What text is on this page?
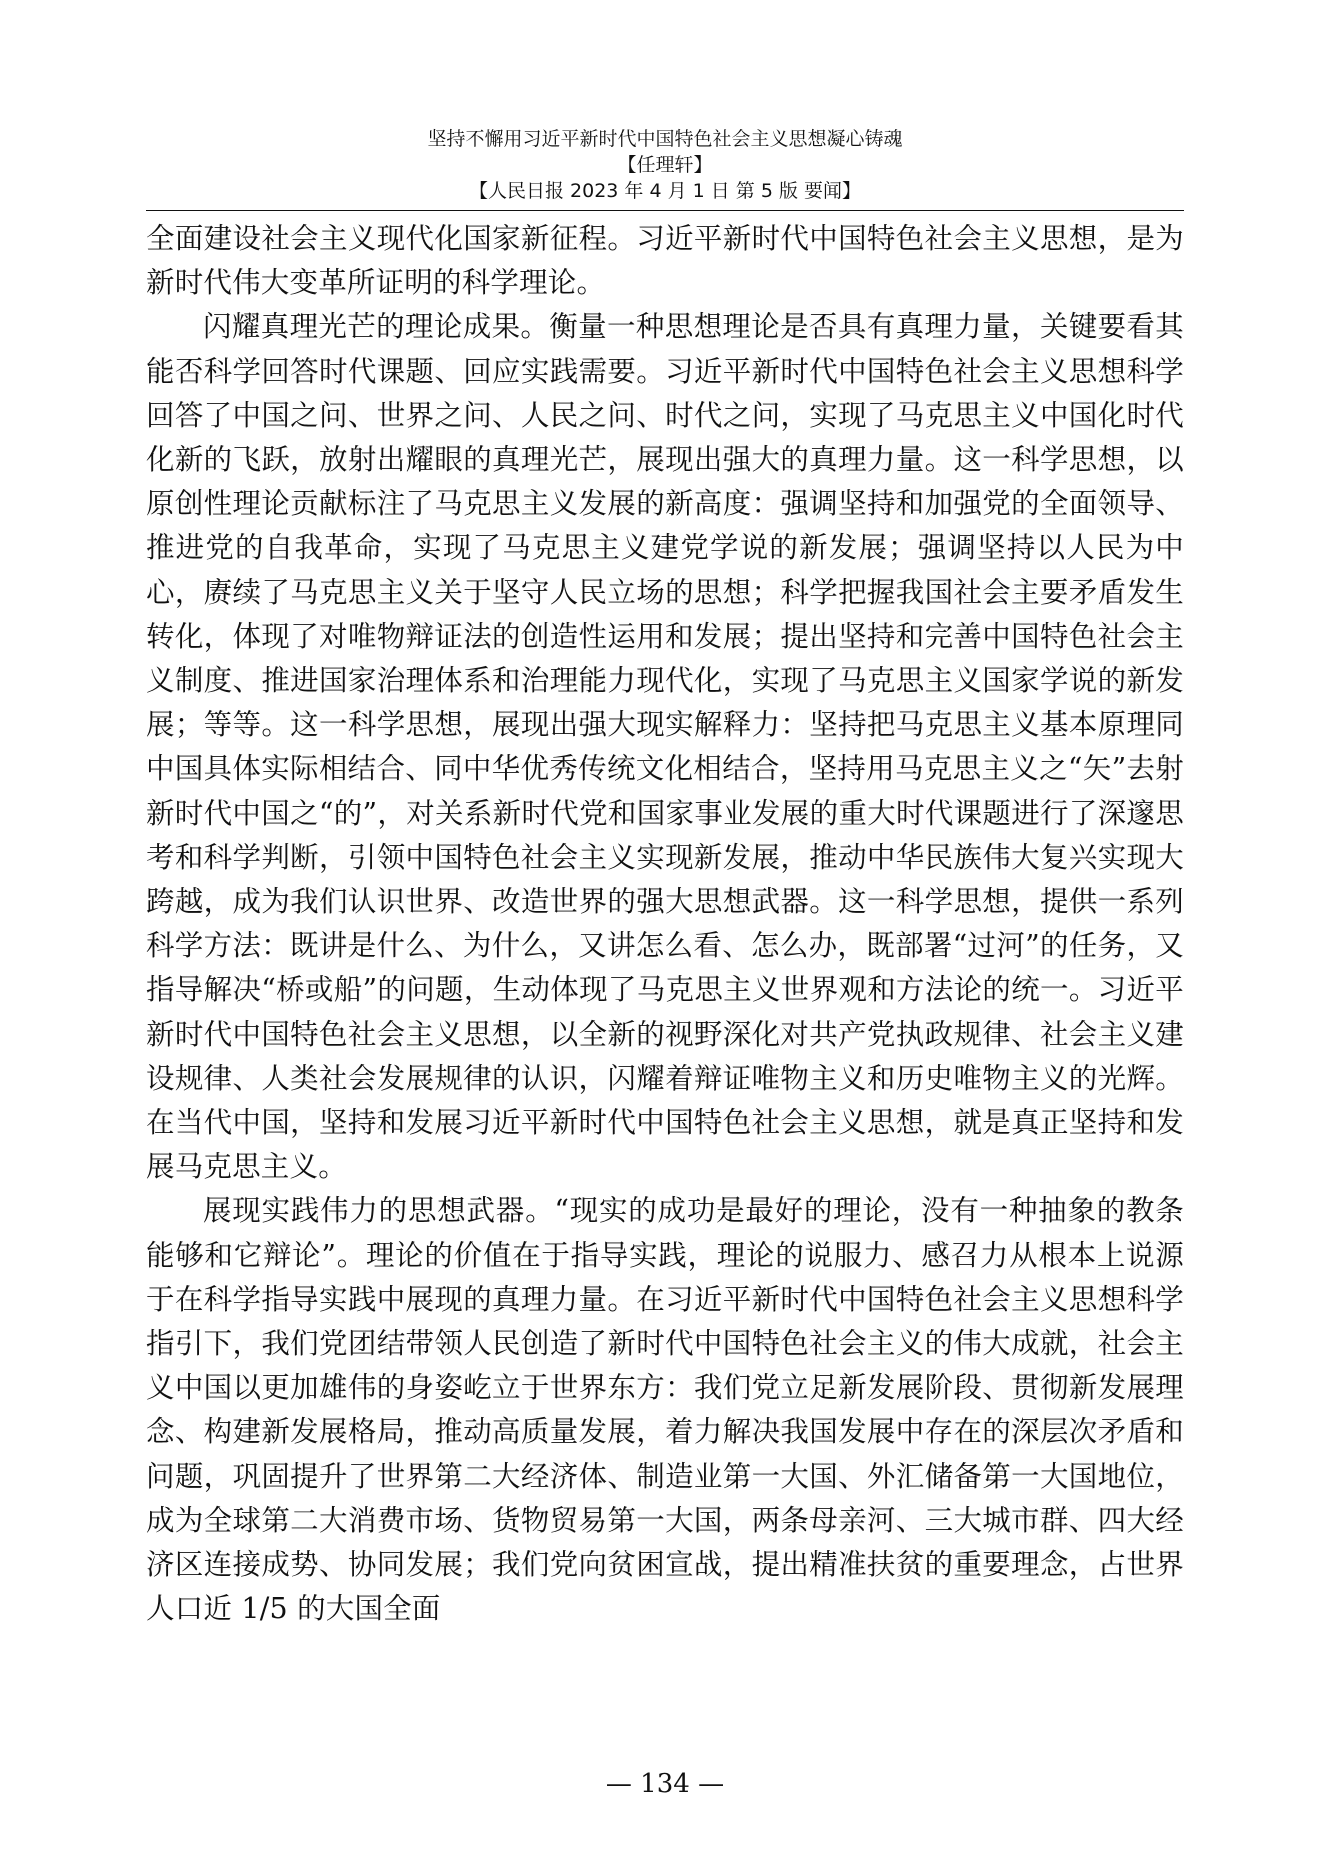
坚持不懈用习近平新时代中国特色社会主义思想凝心铸魂
【任理轩】
【人民日报 2023 年 4 月 1 日 第 5 版 要闻】

全面建设社会主义现代化国家新征程。习近平新时代中国特色社会主义思想，是为新时代伟大变革所证明的科学理论。

闪耀真理光芒的理论成果。衡量一种思想理论是否具有真理力量，关键要看其能否科学回答时代课题、回应实践需要。习近平新时代中国特色社会主义思想科学回答了中国之问、世界之问、人民之问、时代之问，实现了马克思主义中国化时代化新的飞跃，放射出耀眼的真理光芒，展现出强大的真理力量。这一科学思想，以原创性理论贡献标注了马克思主义发展的新高度：强调坚持和加强党的全面领导、推进党的自我革命，实现了马克思主义建党学说的新发展；强调坚持以人民为中心，赓续了马克思主义关于坚守人民立场的思想；科学把握我国社会主要矛盾发生转化，体现了对唯物辩证法的创造性运用和发展；提出坚持和完善中国特色社会主义制度、推进国家治理体系和治理能力现代化，实现了马克思主义国家学说的新发展；等等。这一科学思想，展现出强大现实解释力：坚持把马克思主义基本原理同中国具体实际相结合、同中华优秀传统文化相结合，坚持用马克思主义之“矢”去射新时代中国之“的”，对关系新时代党和国家事业发展的重大时代课题进行了深邃思考和科学判断，引领中国特色社会主义实现新发展，推动中华民族伟大复兴实现大跨越，成为我们认识世界、改造世界的强大思想武器。这一科学思想，提供一系列科学方法：既讲是什么、为什么，又讲怎么看、怎么办，既部署“过河”的任务，又指导解决“桥或船”的问题，生动体现了马克思主义世界观和方法论的统一。习近平新时代中国特色社会主义思想，以全新的视野深化对共产党执政规律、社会主义建设规律、人类社会发展规律的认识，闪耀着辩证唯物主义和历史唯物主义的光辉。在当代中国，坚持和发展习近平新时代中国特色社会主义思想，就是真正坚持和发展马克思主义。

展现实践伟力的思想武器。“现实的成功是最好的理论，没有一种抽象的教条能够和它辩论”。理论的价值在于指导实践，理论的说服力、感召力从根本上说源于在科学指导实践中展现的真理力量。在习近平新时代中国特色社会主义思想科学指引下，我们党团结带领人民创造了新时代中国特色社会主义的伟大成就，社会主义中国以更加雄伟的身姿屹立于世界东方：我们党立足新发展阶段、贯彻新发展理念、构建新发展格局，推动高质量发展，着力解决我国发展中存在的深层次矛盾和问题，巩固提升了世界第二大经济体、制造业第一大国、外汇储备第一大国地位，成为全球第二大消费市场、货物贸易第一大国，两条母亲河、三大城市群、四大经济区连接成势、协同发展；我们党向贫困宣战，提出精准扶贫的重要理念，占世界人口近 1/5 的大国全面

— 134 —
